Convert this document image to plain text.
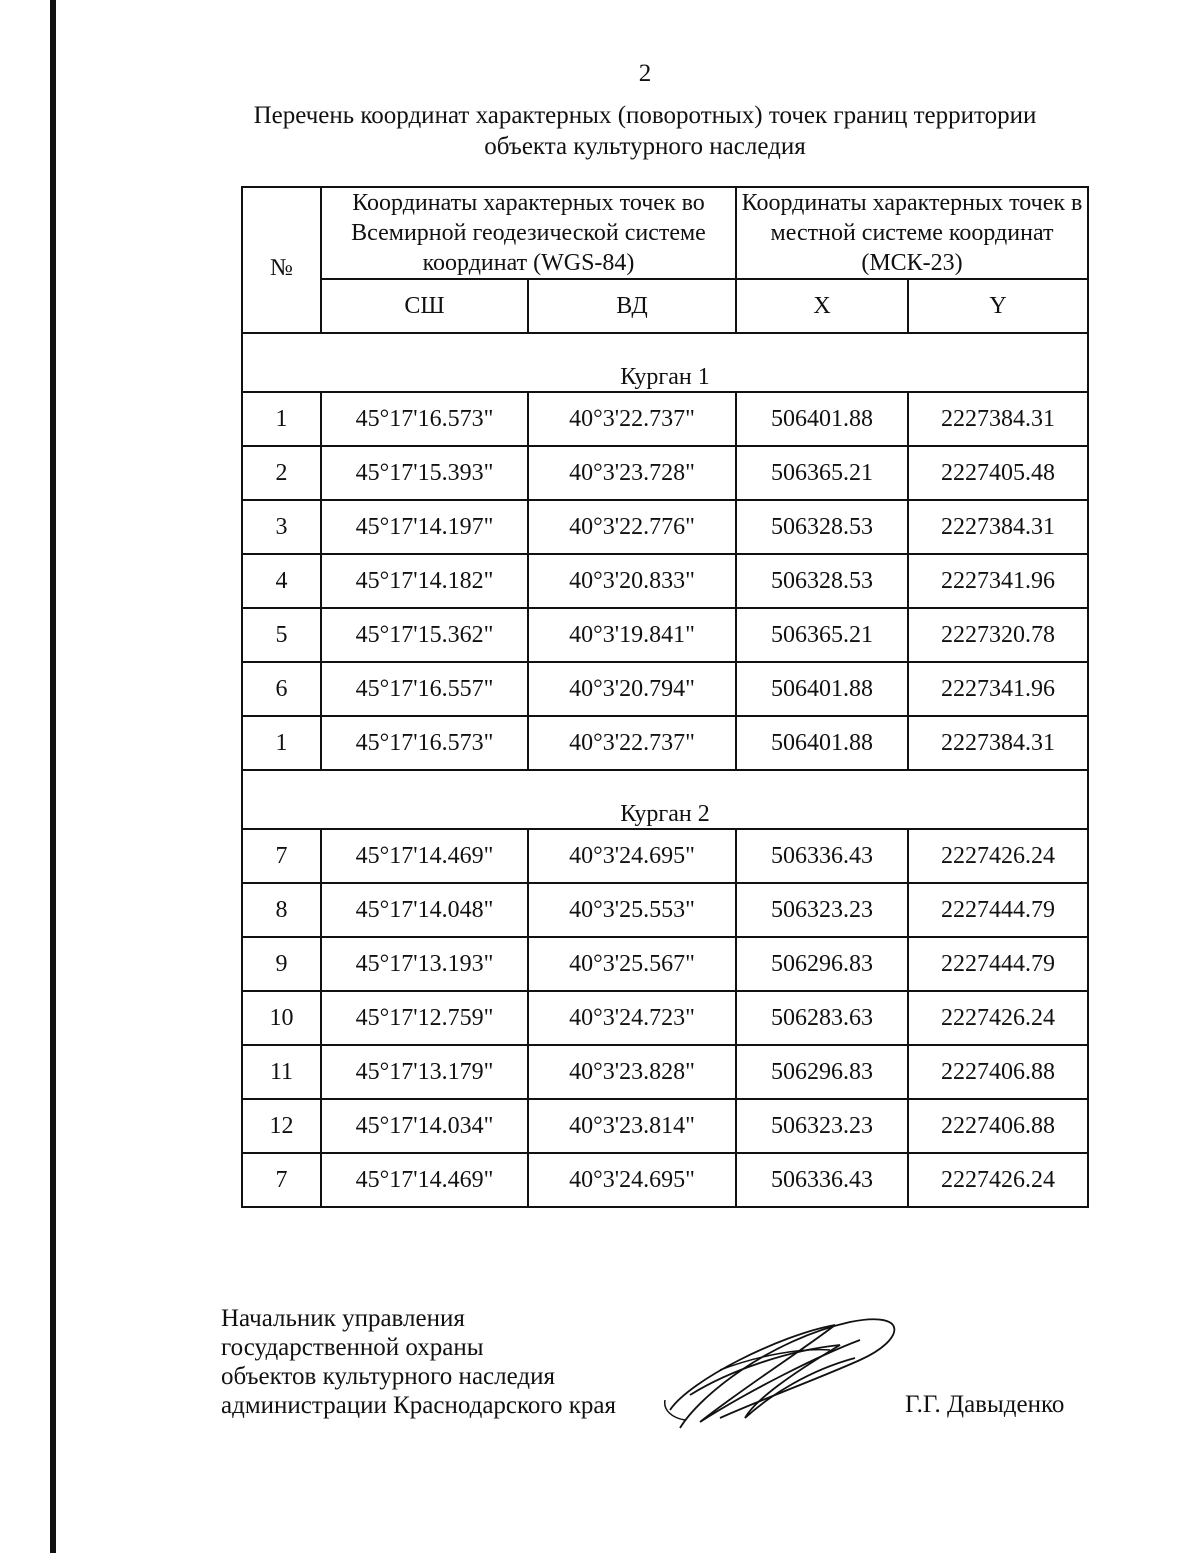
2
Перечень координат характерных (поворотных) точек границ территории
объекта культурного наследия
№	Координаты характерных точек во Всемирной геодезической системе координат (WGS-84)		Координаты характерных точек в местной системе координат (МСК-23)	
	СШ	ВД	X	Y
Курган 1				
1	45°17'16.573"	40°3'22.737"	506401.88	2227384.31
2	45°17'15.393"	40°3'23.728"	506365.21	2227405.48
3	45°17'14.197"	40°3'22.776"	506328.53	2227384.31
4	45°17'14.182"	40°3'20.833"	506328.53	2227341.96
5	45°17'15.362"	40°3'19.841"	506365.21	2227320.78
6	45°17'16.557"	40°3'20.794"	506401.88	2227341.96
1	45°17'16.573"	40°3'22.737"	506401.88	2227384.31
Курган 2				
7	45°17'14.469"	40°3'24.695"	506336.43	2227426.24
8	45°17'14.048"	40°3'25.553"	506323.23	2227444.79
9	45°17'13.193"	40°3'25.567"	506296.83	2227444.79
10	45°17'12.759"	40°3'24.723"	506283.63	2227426.24
11	45°17'13.179"	40°3'23.828"	506296.83	2227406.88
12	45°17'14.034"	40°3'23.814"	506323.23	2227406.88
7	45°17'14.469"	40°3'24.695"	506336.43	2227426.24
Начальник управления
государственной охраны
объектов культурного наследия
администрации Краснодарского края	Г.Г. Давыденко
